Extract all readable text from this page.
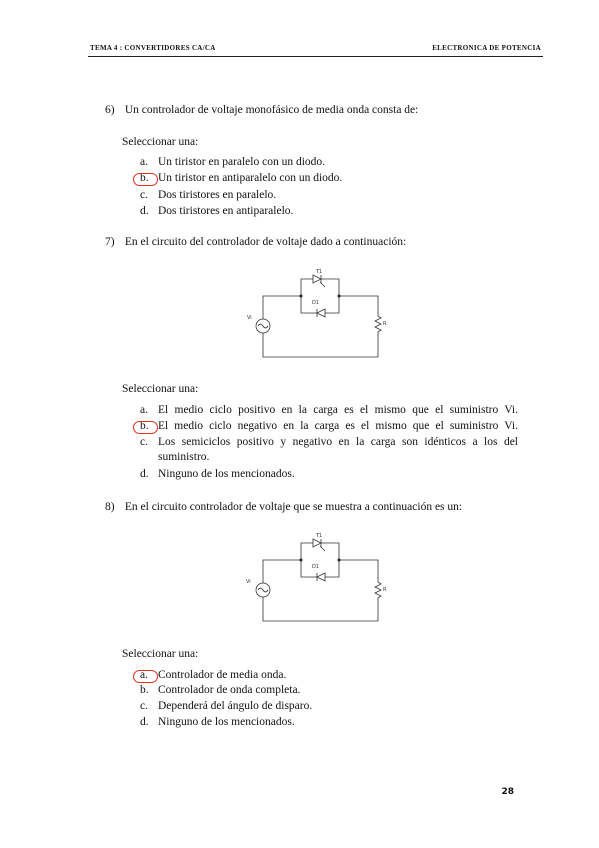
TEMA 4 : CONVERTIDORES CA/CA	ELECTRONICA DE POTENCIA
6) Un controlador de voltaje monofásico de media onda consta de:
Seleccionar una:
a. Un tiristor en paralelo con un diodo.
b. Un tiristor en antiparalelo con un diodo.
c. Dos tiristores en paralelo.
d. Dos tiristores en antiparalelo.
7) En el circuito del controlador de voltaje dado a continuación:
T1
D1
Vi
R
Seleccionar una:
a. El medio ciclo positivo en la carga es el mismo que el suministro Vi.
b. El medio ciclo negativo en la carga es el mismo que el suministro Vi.
c. Los semiciclos positivo y negativo en la carga son idénticos a los del
suministro.
d. Ninguno de los mencionados.
8) En el circuito controlador de voltaje que se muestra a continuación es un:
T1
D1
Vi
R
Seleccionar una:
a. Controlador de media onda.
b. Controlador de onda completa.
c. Dependerá del ángulo de disparo.
d. Ninguno de los mencionados.
28
